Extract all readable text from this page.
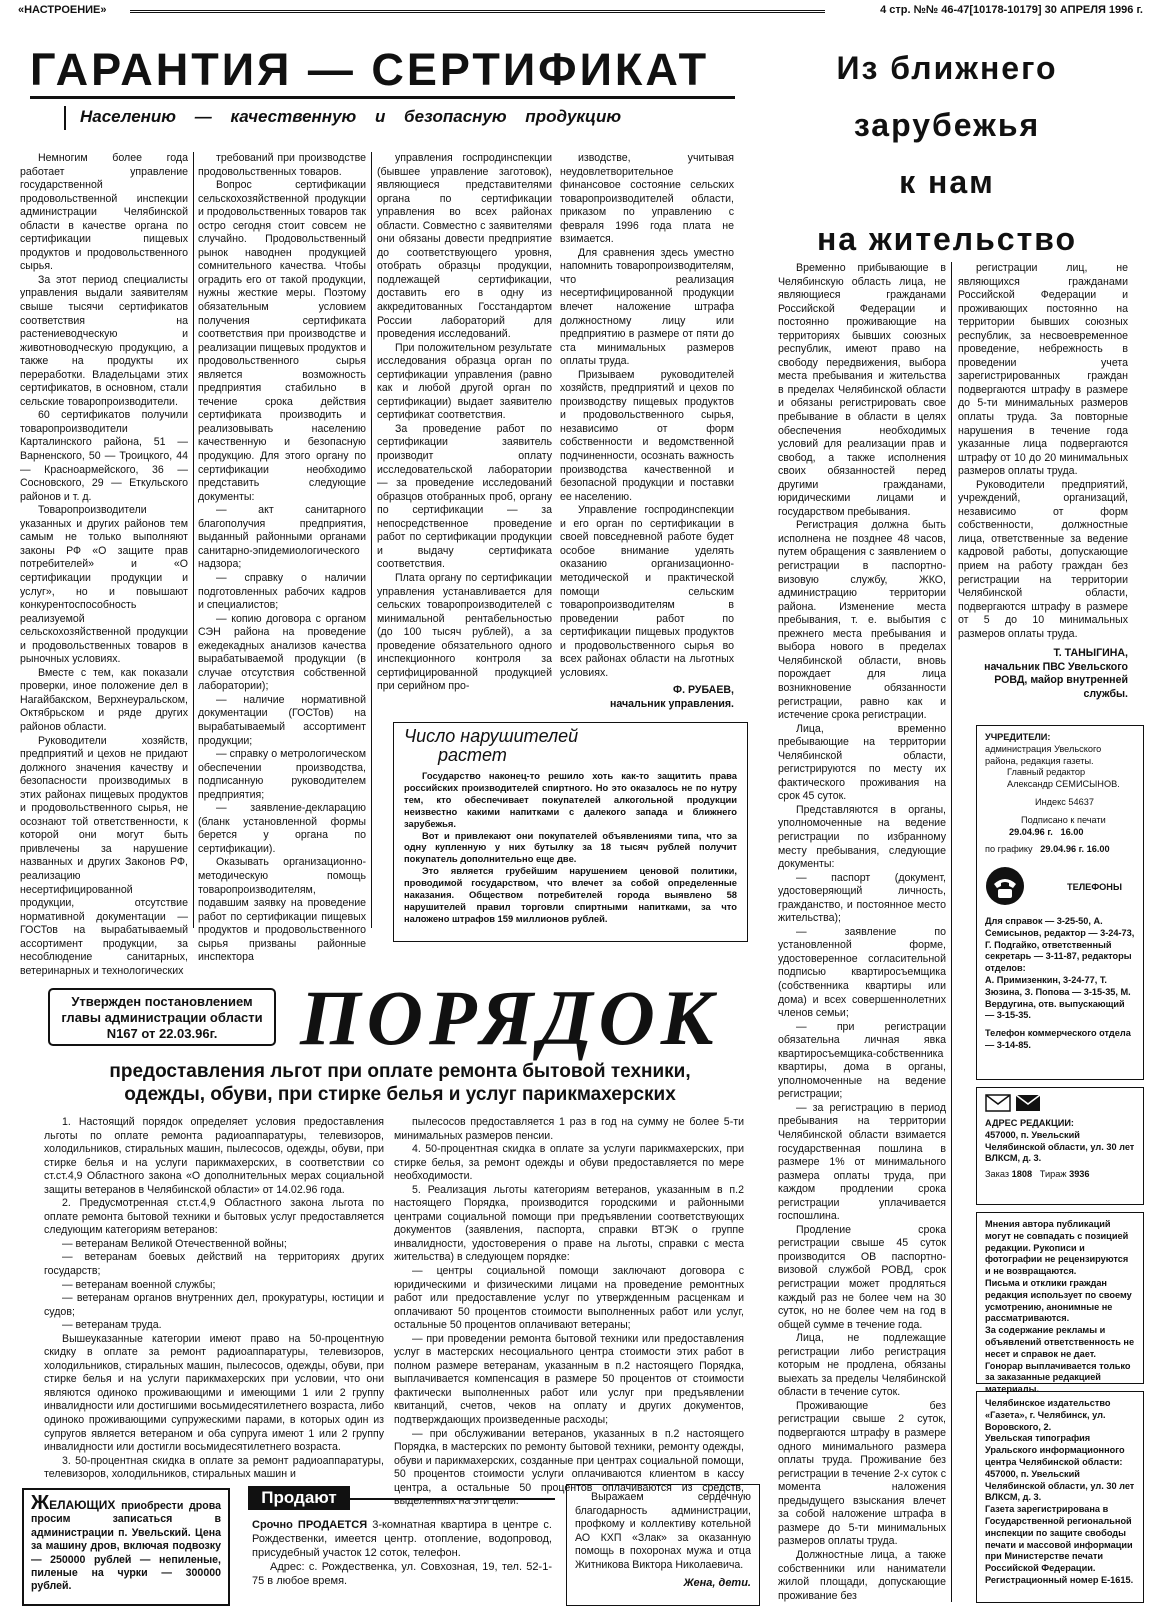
«НАСТРОЕНИЕ»	4 стр. №№ 46-47[10178-10179] 30 АПРЕЛЯ 1996 г.
ГАРАНТИЯ — СЕРТИФИКАТ
Населению — качественную и безопасную продукцию

Немногим более года работает управление государственной продовольственной инспекции администрации Челябинской области в качестве органа по сертификации пищевых продуктов и продовольственного сырья.

За этот период специалисты управления выдали заявителям свыше тысячи сертификатов соответствия на растениеводческую и животноводческую продукцию, а также на продукты их переработки. Владельцами этих сертификатов, в основном, стали сельские товаропроизводители.

60 сертификатов получили товаропроизводители Карталинского района, 51 — Варненского, 50 — Троицкого, 44 — Красноармейского, 36 — Сосновского, 29 — Еткульского районов и т. д.

Товаропроизводители указанных и других районов тем самым не только выполняют законы РФ «О защите прав потребителей» и «О сертификации продукции и услуг», но и повышают конкурентоспособность реализуемой сельскохозяйственной продукции и продовольственных товаров в рыночных условиях.

Вместе с тем, как показали проверки, иное положение дел в Нагайбакском, Верхнеуральском, Октябрьском и ряде других районов области.

Руководители хозяйств, предприятий и цехов не придают должного значения качеству и безопасности производимых в этих районах пищевых продуктов и продовольственного сырья, не осознают той ответственности, к которой они могут быть привлечены за нарушение названных и других Законов РФ, реализацию несертифицированной продукции, отсутствие нормативной документации — ГОСТов на вырабатываемый ассортимент продукции, за несоблюдение санитарных, ветеринарных и технологических

требований при производстве продовольственных товаров.

Вопрос сертификации сельскохозяйственной продукции и продовольственных товаров так остро сегодня стоит совсем не случайно. Продовольственный рынок наводнен продукцией сомнительного качества. Чтобы оградить его от такой продукции, нужны жесткие меры. Поэтому обязательным условием получения сертификата соответствия при производстве и реализации пищевых продуктов и продовольственного сырья является возможность предприятия стабильно в течение срока действия сертификата производить и реализовывать населению качественную и безопасную продукцию. Для этого органу по сертификации необходимо представить следующие документы:

— акт санитарного благополучия предприятия, выданный районными органами санитарно-эпидемиологического надзора;

— справку о наличии подготовленных рабочих кадров и специалистов;

— копию договора с органом СЭН района на проведение ежедекадных анализов качества вырабатываемой продукции (в случае отсутствия собственной лаборатории);

— наличие нормативной документации (ГОСТов) на вырабатываемый ассортимент продукции;

— справку о метрологическом обеспечении производства, подписанную руководителем предприятия;

— заявление-декларацию (бланк установленной формы берется у органа по сертификации).

Оказывать организационно-методическую помощь товаропроизводителям, подавшим заявку на проведение работ по сертификации пищевых продуктов и продовольственного сырья призваны районные инспектора

управления госпродинспекции (бывшее управление заготовок), являющиеся представителями органа по сертификации управления во всех районах области. Совместно с заявителями они обязаны довести предприятие до соответствующего уровня, отобрать образцы продукции, подлежащей сертификации, доставить его в одну из аккредитованных Госстандартом России лабораторий для проведения исследований.

При положительном результате исследования образца орган по сертификации управления (равно как и любой другой орган по сертификации) выдает заявителю сертификат соответствия.

За проведение работ по сертификации заявитель производит оплату исследовательской лаборатории — за проведение исследований образцов отобранных проб, органу по сертификации — за непосредственное проведение работ по сертификации продукции и выдачу сертификата соответствия.

Плата органу по сертификации управления устанавливается для сельских товаропроизводителей с минимальной рентабельностью (до 100 тысяч рублей), а за проведение обязательного одного инспекционного контроля за сертифицированной продукцией при серийном про-

изводстве, учитывая неудовлетворительное финансовое состояние сельских товаропроизводителей области, приказом по управлению с февраля 1996 года плата не взимается.

Для сравнения здесь уместно напомнить товаропроизводителям, что реализация несертифицированной продукции влечет наложение штрафа должностному лицу или предприятию в размере от пяти до ста минимальных размеров оплаты труда.

Призываем руководителей хозяйств, предприятий и цехов по производству пищевых продуктов и продовольственного сырья, независимо от форм собственности и ведомственной подчиненности, осознать важность производства качественной и безопасной продукции и поставки ее населению.

Управление госпродинспекции и его орган по сертификации в своей повседневной работе будет особое внимание уделять оказанию организационно-методической и практической помощи сельским товаропроизводителям в проведении работ по сертификации пищевых продуктов и продовольственного сырья во всех районах области на льготных условиях.

Ф. РУБАЕВ,
начальник управления.
Число нарушителей
растет

Государство наконец-то решило хоть как-то защитить права российских производителей спиртного. Но это оказалось не по нутру тем, кто обеспечивает покупателей алкогольной продукции неизвестно какими напитками с далекого запада и ближнего зарубежья.

Вот и привлекают они покупателей объявлениями типа, что за одну купленную у них бутылку за 18 тысяч рублей получит покупатель дополнительно еще две.

Это является грубейшим нарушением ценовой политики, проводимой государством, что влечет за собой определенные наказания. Обществом потребителей города выявлено 58 нарушителей правил торговли спиртными напитками, за что наложено штрафов 159 миллионов рублей.

Из ближнего
зарубежья
к нам
на жительство

Временно прибывающие в Челябинскую область лица, не являющиеся гражданами Российской Федерации и постоянно проживающие на территориях бывших союзных республик, имеют право на свободу передвижения, выбора места пребывания и жительства в пределах Челябинской области и обязаны регистрировать свое пребывание в области в целях обеспечения необходимых условий для реализации прав и свобод, а также исполнения своих обязанностей перед другими гражданами, юридическими лицами и государством пребывания.

Регистрация должна быть исполнена не позднее 48 часов, путем обращения с заявлением о регистрации в паспортно-визовую службу, ЖКО, администрацию территории района. Изменение места пребывания, т. е. выбытия с прежнего места пребывания и выбора нового в пределах Челябинской области, вновь порождает для лица возникновение обязанности регистрации, равно как и истечение срока регистрации.

Лица, временно пребывающие на территории Челябинской области, регистрируются по месту их фактического проживания на срок 45 суток.

Представляются в органы, уполномоченные на ведение регистрации по избранному месту пребывания, следующие документы:

— паспорт (документ, удостоверяющий личность, гражданство, и постоянное место жительства);

— заявление по установленной форме, удостоверенное согласительной подписью квартиросъемщика (собственника квартиры или дома) и всех совершеннолетних членов семьи;

— при регистрации обязательна личная явка квартиросъемщика-собственника квартиры, дома в органы, уполномоченные на ведение регистрации;

— за регистрацию в период пребывания на территории Челябинской области взимается государственная пошлина в размере 1% от минимального размера оплаты труда, при каждом продлении срока регистрации уплачивается госпошлина.

Продление срока регистрации свыше 45 суток производится ОВ паспортно-визовой службой РОВД, срок регистрации может продляться каждый раз не более чем на 30 суток, но не более чем на год в общей сумме в течение года.

Лица, не подлежащие регистрации либо регистрация которым не продлена, обязаны выехать за пределы Челябинской области в течение суток.

Проживающие без регистрации свыше 2 суток, подвергаются штрафу в размере одного минимального размера оплаты труда. Проживание без регистрации в течение 2-х суток с момента наложения предыдущего взыскания влечет за собой наложение штрафа в размере до 5-ти минимальных размеров оплаты труда.

Должностные лица, а также собственники или наниматели жилой площади, допускающие проживание без

регистрации лиц, не являющихся гражданами Российской Федерации и проживающих постоянно на территории бывших союзных республик, за несвоевременное проведение, небрежность в проведении учета зарегистрированных граждан подвергаются штрафу в размере до 5-ти минимальных размеров оплаты труда. За повторные нарушения в течение года указанные лица подвергаются штрафу от 10 до 20 минимальных размеров оплаты труда.

Руководители предприятий, учреждений, организаций, независимо от форм собственности, должностные лица, ответственные за ведение кадровой работы, допускающие прием на работу граждан без регистрации на территории Челябинской области, подвергаются штрафу в размере от 5 до 10 минимальных размеров оплаты труда.

Т. ТАНЫГИНА,
начальник ПВС Увельского РОВД, майор внутренней службы.
УЧРЕДИТЕЛИ:
администрация Увельского района, редакция газеты.
Главный редактор
Александр СЕМИСЫНОВ.
Индекс 54637
Подписано к печати
29.04.96 г. 16.00
по графику 29.04.96 г. 16.00
ТЕЛЕФОНЫ
Для справок — 3-25-50, А. Семисынов, редактор — 3-24-73, Г. Подгайко, ответственный секретарь — 3-11-87, редакторы отделов:
А. Примизенкин, 3-24-77, Т. Зюзина, З. Попова — 3-15-35, М. Вердугина, отв. выпускающий — 3-15-35.
Телефон коммерческого отдела — 3-14-85.
АДРЕС РЕДАКЦИИ:
457000, п. Увельский Челябинской области, ул. 30 лет ВЛКСМ, д. 3.
Заказ 1808 Тираж 3936
Мнения автора публикаций могут не совпадать с позицией редакции. Рукописи и фотографии не рецензируются и не возвращаются.
Письма и отклики граждан редакция использует по своему усмотрению, анонимные не рассматриваются.
За содержание рекламы и объявлений ответственность не несет и справок не дает. Гонорар выплачивается только за заказанные редакцией материалы.
Челябинское издательство «Газета», г. Челябинск, ул. Воровского, 2.
Увельская типография Уральского информационного центра Челябинской области: 457000, п. Увельский Челябинской области, ул. 30 лет ВЛКСМ, д. 3.
Газета зарегистрирована в Государственной региональной инспекции по защите свободы печати и массовой информации при Министерстве печати Российской Федерации. Регистрационный номер Е-1615.
Утвержден постановлением главы администрации области N167 от 22.03.96г.	ПОРЯДОК
предоставления льгот при оплате ремонта бытовой техники,
одежды, обуви, при стирке белья и услуг парикмахерских

1. Настоящий порядок определяет условия предоставления льготы по оплате ремонта радиоаппаратуры, телевизоров, холодильников, стиральных машин, пылесосов, одежды, обуви, при стирке белья и на услуги парикмахерских, в соответствии со ст.ст.4,9 Областного закона «О дополнительных мерах социальной защиты ветеранов в Челябинской области» от 14.02.96 года.

2. Предусмотренная ст.ст.4,9 Областного закона льгота по оплате ремонта бытовой техники и бытовых услуг предоставляется следующим категориям ветеранов:

— ветеранам Великой Отечественной войны;

— ветеранам боевых действий на территориях других государств;

— ветеранам военной службы;

— ветеранам органов внутренних дел, прокуратуры, юстиции и судов;

— ветеранам труда.

Вышеуказанные категории имеют право на 50-процентную скидку в оплате за ремонт радиоаппаратуры, телевизоров, холодильников, стиральных машин, пылесосов, одежды, обуви, при стирке белья и на услуги парикмахерских при условии, что они являются одиноко проживающими и имеющими 1 или 2 группу инвалидности или достигшими восьмидесятилетнего возраста, либо одиноко проживающими супружескими парами, в которых один из супругов является ветераном и оба супруга имеют 1 или 2 группу инвалидности или достигли восьмидесятилетнего возраста.

3. 50-процентная скидка в оплате за ремонт радиоаппаратуры, телевизоров, холодильников, стиральных машин и

пылесосов предоставляется 1 раз в год на сумму не более 5-ти минимальных размеров пенсии.

4. 50-процентная скидка в оплате за услуги парикмахерских, при стирке белья, за ремонт одежды и обуви предоставляется по мере необходимости.

5. Реализация льготы категориям ветеранов, указанным в п.2 настоящего Порядка, производится городскими и районными центрами социальной помощи при предъявлении соответствующих документов (заявления, паспорта, справки ВТЭК о группе инвалидности, удостоверения о праве на льготы, справки с места жительства) в следующем порядке:

— центры социальной помощи заключают договора с юридическими и физическими лицами на проведение ремонтных работ или предоставление услуг по утвержденным расценкам и оплачивают 50 процентов стоимости выполненных работ или услуг, остальные 50 процентов оплачивают ветераны;

— при проведении ремонта бытовой техники или предоставления услуг в мастерских несоциального центра стоимости этих работ в полном размере ветеранам, указанным в п.2 настоящего Порядка, выплачивается компенсация в размере 50 процентов от стоимости фактически выполненных работ или услуг при предъявлении квитанций, счетов, чеков на оплату и других документов, подтверждающих произведенные расходы;

— при обслуживании ветеранов, указанных в п.2 настоящего Порядка, в мастерских по ремонту бытовой техники, ремонту одежды, обуви и парикмахерских, созданные при центрах социальной помощи, 50 процентов стоимости услуги оплачиваются клиентом в кассу центра, а остальные 50 процентов оплачиваются из средств, выделенных на эти цели.

ЖЕЛАЮЩИХ приобрести дрова просим записаться в администрации п. Увельский. Цена за машину дров, включая подвозку — 250000 рублей — непиленые, пиленые на чурки — 300000 рублей.
Продают
Срочно ПРОДАЕТСЯ 3-комнатная квартира в центре с. Рождественки, имеется центр. отопление, водопровод, присудебный участок 12 соток, телефон.
Адрес: с. Рождественка, ул. Совхозная, 19, тел. 52-1-75 в любое время.
Выражаем сердечную благодарность администрации, профкому и коллективу котельной АО КХП «Злак» за оказанную помощь в похоронах мужа и отца Житникова Виктора Николаевича.
Жена, дети.
